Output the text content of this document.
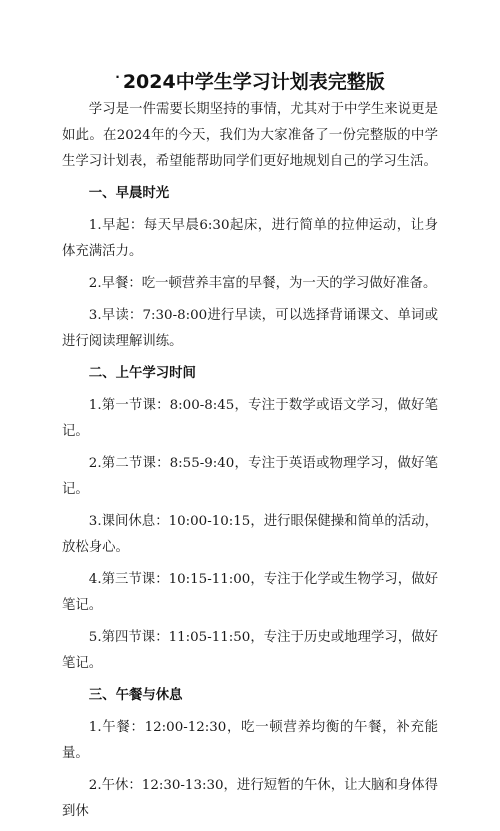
· 2024中学生学习计划表完整版

学习是一件需要长期坚持的事情，尤其对于中学生来说更是如此。在2024年的今天，我们为大家准备了一份完整版的中学生学习计划表，希望能帮助同学们更好地规划自己的学习生活。

一、早晨时光

1.早起：每天早晨6:30起床，进行简单的拉伸运动，让身体充满活力。

2.早餐：吃一顿营养丰富的早餐，为一天的学习做好准备。

3.早读：7:30-8:00进行早读，可以选择背诵课文、单词或进行阅读理解训练。

二、上午学习时间

1.第一节课：8:00-8:45，专注于数学或语文学习，做好笔记。

2.第二节课：8:55-9:40，专注于英语或物理学习，做好笔记。

3.课间休息：10:00-10:15，进行眼保健操和简单的活动，放松身心。

4.第三节课：10:15-11:00，专注于化学或生物学习，做好笔记。

5.第四节课：11:05-11:50，专注于历史或地理学习，做好笔记。

三、午餐与休息

1.午餐：12:00-12:30，吃一顿营养均衡的午餐，补充能量。

2.午休：12:30-13:30，进行短暂的午休，让大脑和身体得到休
